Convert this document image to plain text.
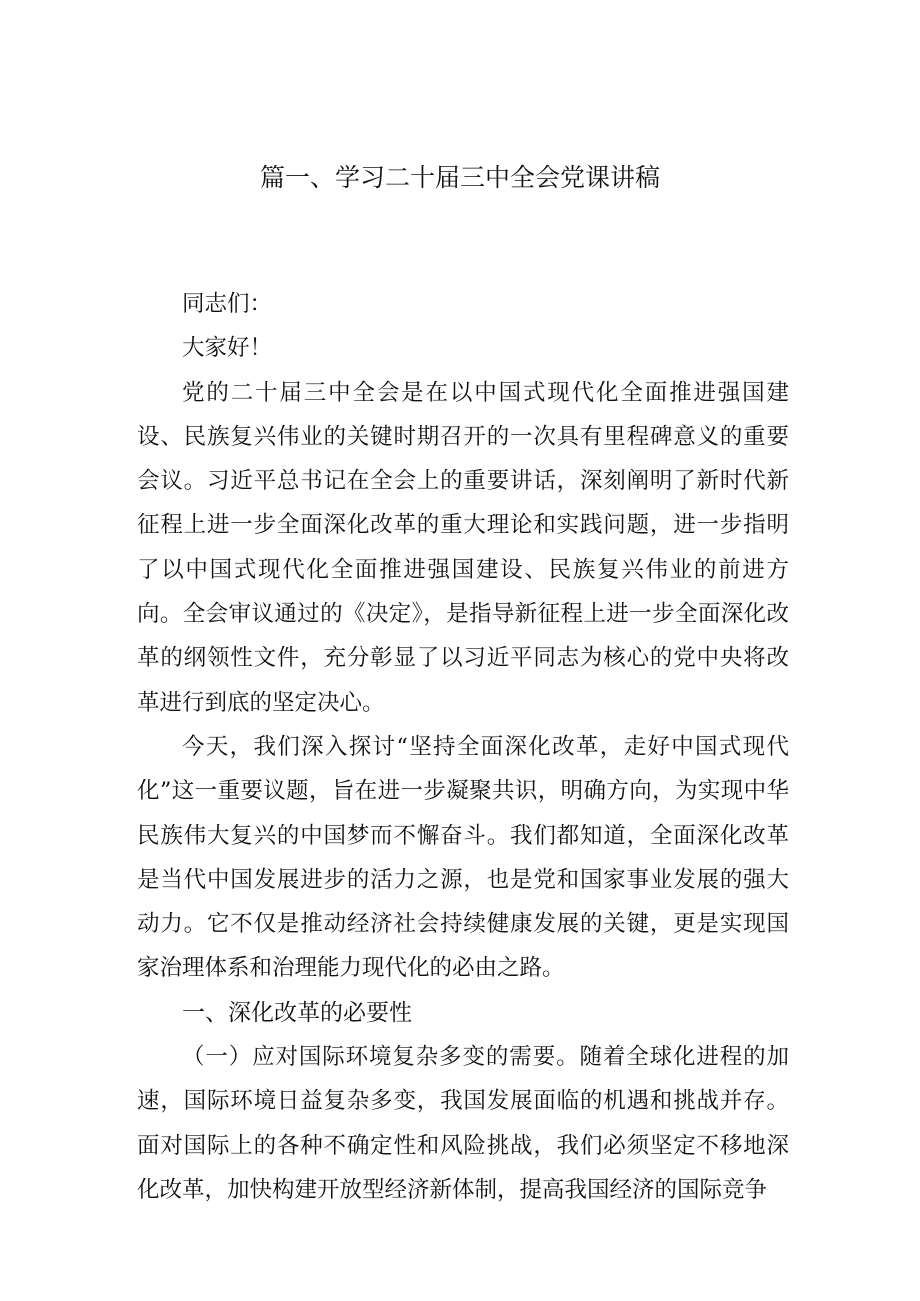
篇一、学习二十届三中全会党课讲稿

同志们：

大家好！

党的二十届三中全会是在以中国式现代化全面推进强国建设、民族复兴伟业的关键时期召开的一次具有里程碑意义的重要会议。习近平总书记在全会上的重要讲话，深刻阐明了新时代新征程上进一步全面深化改革的重大理论和实践问题，进一步指明了以中国式现代化全面推进强国建设、民族复兴伟业的前进方向。全会审议通过的《决定》，是指导新征程上进一步全面深化改革的纲领性文件，充分彰显了以习近平同志为核心的党中央将改革进行到底的坚定决心。

今天，我们深入探讨“坚持全面深化改革，走好中国式现代化”这一重要议题，旨在进一步凝聚共识，明确方向，为实现中华民族伟大复兴的中国梦而不懈奋斗。我们都知道，全面深化改革是当代中国发展进步的活力之源，也是党和国家事业发展的强大动力。它不仅是推动经济社会持续健康发展的关键，更是实现国家治理体系和治理能力现代化的必由之路。

一、深化改革的必要性

（一）应对国际环境复杂多变的需要。随着全球化进程的加速，国际环境日益复杂多变，我国发展面临的机遇和挑战并存。面对国际上的各种不确定性和风险挑战，我们必须坚定不移地深化改革，加快构建开放型经济新体制，提高我国经济的国际竞争
